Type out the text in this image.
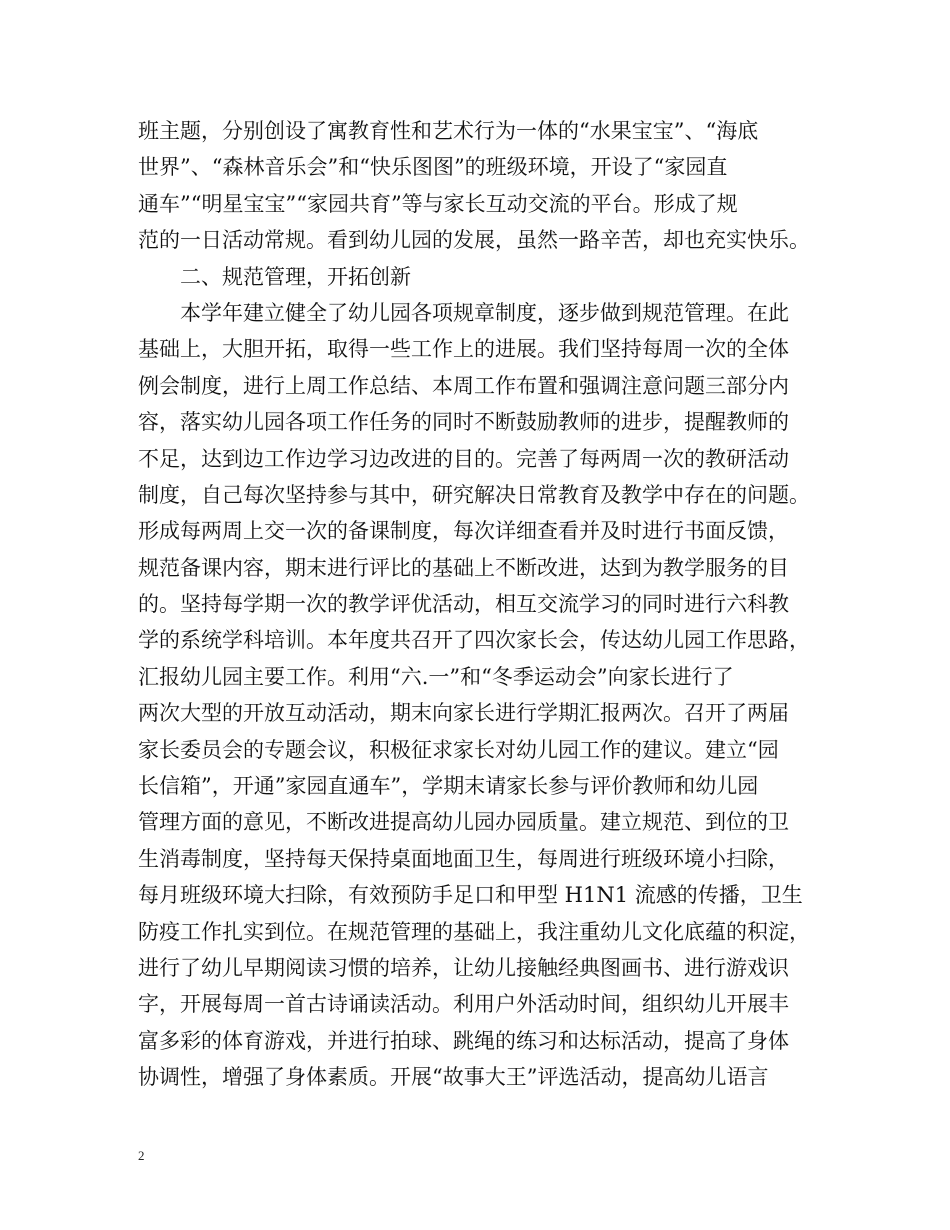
班主题，分别创设了寓教育性和艺术行为一体的“水果宝宝”、“海底
世界”、“森林音乐会”和“快乐图图”的班级环境，开设了“家园直
通车”“明星宝宝”“家园共育”等与家长互动交流的平台。形成了规
范的一日活动常规。看到幼儿园的发展，虽然一路辛苦，却也充实快乐。
二、规范管理，开拓创新
本学年建立健全了幼儿园各项规章制度，逐步做到规范管理。在此
基础上，大胆开拓，取得一些工作上的进展。我们坚持每周一次的全体
例会制度，进行上周工作总结、本周工作布置和强调注意问题三部分内
容，落实幼儿园各项工作任务的同时不断鼓励教师的进步，提醒教师的
不足，达到边工作边学习边改进的目的。完善了每两周一次的教研活动
制度，自己每次坚持参与其中，研究解决日常教育及教学中存在的问题。
形成每两周上交一次的备课制度，每次详细查看并及时进行书面反馈，
规范备课内容，期末进行评比的基础上不断改进，达到为教学服务的目
的。坚持每学期一次的教学评优活动，相互交流学习的同时进行六科教
学的系统学科培训。本年度共召开了四次家长会，传达幼儿园工作思路，
汇报幼儿园主要工作。利用“六.一”和“冬季运动会”向家长进行了
两次大型的开放互动活动，期末向家长进行学期汇报两次。召开了两届
家长委员会的专题会议，积极征求家长对幼儿园工作的建议。建立“园
长信箱”，开通”家园直通车”，学期末请家长参与评价教师和幼儿园
管理方面的意见，不断改进提高幼儿园办园质量。建立规范、到位的卫
生消毒制度，坚持每天保持桌面地面卫生，每周进行班级环境小扫除，
每月班级环境大扫除，有效预防手足口和甲型 H1N1 流感的传播，卫生
防疫工作扎实到位。在规范管理的基础上，我注重幼儿文化底蕴的积淀，
进行了幼儿早期阅读习惯的培养，让幼儿接触经典图画书、进行游戏识
字，开展每周一首古诗诵读活动。利用户外活动时间，组织幼儿开展丰
富多彩的体育游戏，并进行拍球、跳绳的练习和达标活动，提高了身体
协调性，增强了身体素质。开展“故事大王”评选活动，提高幼儿语言
2
